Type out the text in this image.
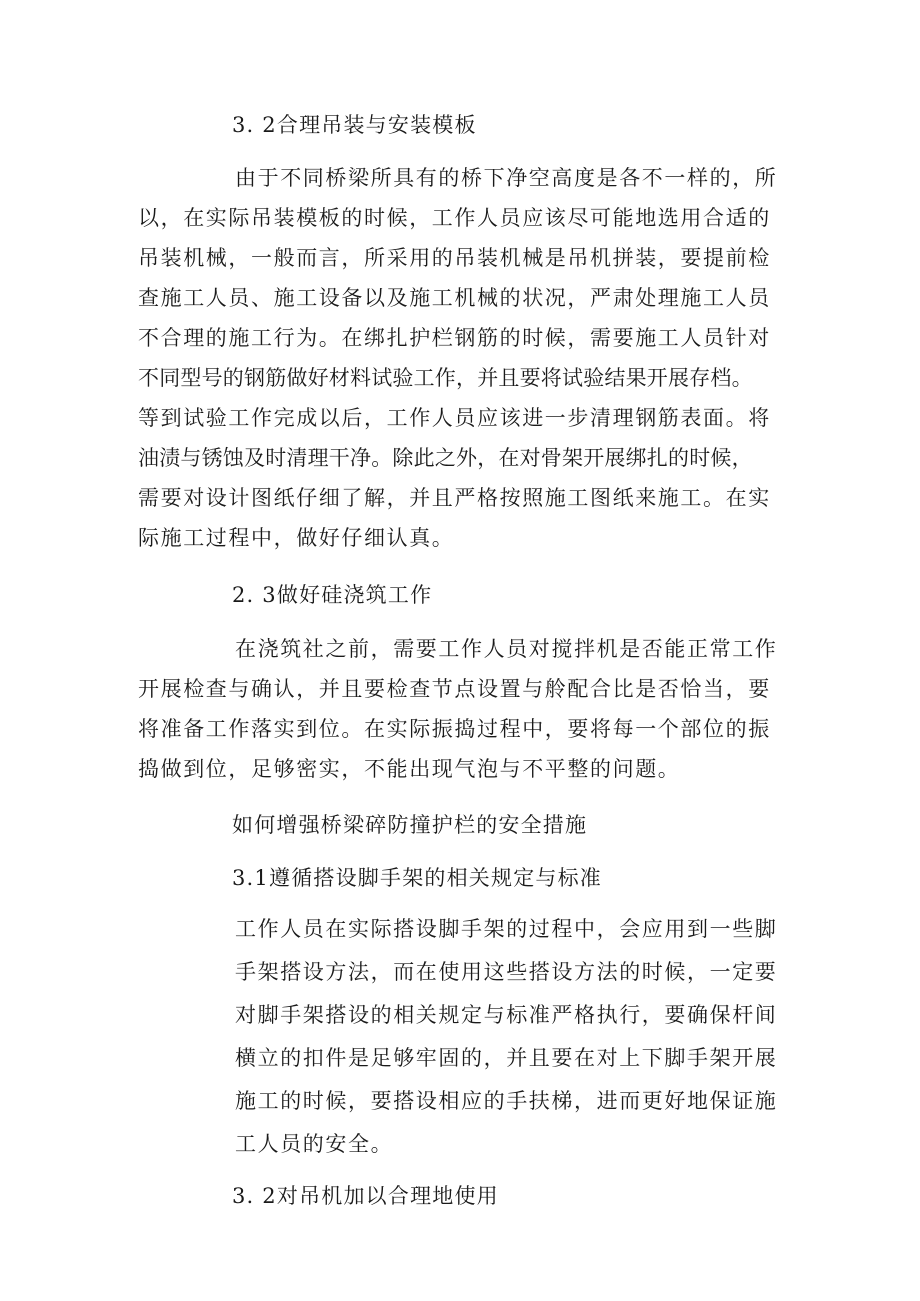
3. 2合理吊装与安装模板
由于不同桥梁所具有的桥下净空高度是各不一样的，所
以，在实际吊装模板的时候，工作人员应该尽可能地选用合适的
吊装机械，一般而言，所采用的吊装机械是吊机拼装，要提前检
查施工人员、施工设备以及施工机械的状况，严肃处理施工人员
不合理的施工行为。在绑扎护栏钢筋的时候，需要施工人员针对
不同型号的钢筋做好材料试验工作，并且要将试验结果开展存档。
等到试验工作完成以后，工作人员应该进一步清理钢筋表面。将
油渍与锈蚀及时清理干净。除此之外，在对骨架开展绑扎的时候，
需要对设计图纸仔细了解，并且严格按照施工图纸来施工。在实
际施工过程中，做好仔细认真。
2. 3做好硅浇筑工作
在浇筑社之前，需要工作人员对搅拌机是否能正常工作
开展检查与确认，并且要检查节点设置与舲配合比是否恰当，要
将准备工作落实到位。在实际振捣过程中，要将每一个部位的振
捣做到位，足够密实，不能出现气泡与不平整的问题。
如何增强桥梁碎防撞护栏的安全措施
3.1遵循搭设脚手架的相关规定与标准
工作人员在实际搭设脚手架的过程中，会应用到一些脚
手架搭设方法，而在使用这些搭设方法的时候，一定要
对脚手架搭设的相关规定与标准严格执行，要确保杆间
横立的扣件是足够牢固的，并且要在对上下脚手架开展
施工的时候，要搭设相应的手扶梯，进而更好地保证施
工人员的安全。
3. 2对吊机加以合理地使用
